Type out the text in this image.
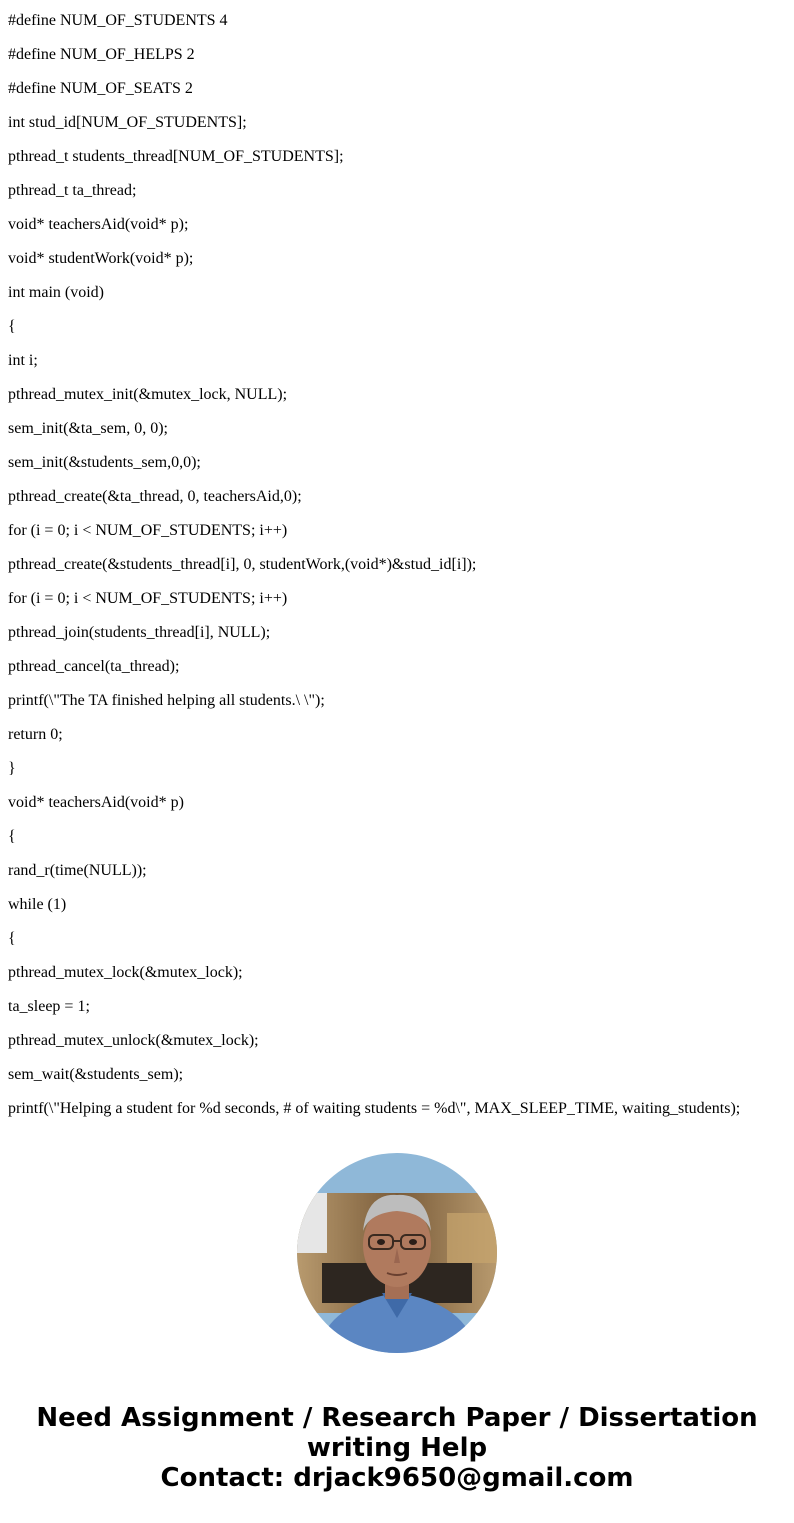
#define NUM_OF_STUDENTS 4
#define NUM_OF_HELPS 2
#define NUM_OF_SEATS 2
int stud_id[NUM_OF_STUDENTS];
pthread_t students_thread[NUM_OF_STUDENTS];
pthread_t ta_thread;
void* teachersAid(void* p);
void* studentWork(void* p);
int main (void)
{
int i;
pthread_mutex_init(&mutex_lock, NULL);
sem_init(&ta_sem, 0, 0);
sem_init(&students_sem,0,0);
pthread_create(&ta_thread, 0, teachersAid,0);
for (i = 0; i < NUM_OF_STUDENTS; i++)
pthread_create(&students_thread[i], 0, studentWork,(void*)&stud_id[i]);
for (i = 0; i < NUM_OF_STUDENTS; i++)
pthread_join(students_thread[i], NULL);
pthread_cancel(ta_thread);
printf(\"The TA finished helping all students.\ \");
return 0;
}
void* teachersAid(void* p)
{
rand_r(time(NULL));
while (1)
{
pthread_mutex_lock(&mutex_lock);
ta_sleep = 1;
pthread_mutex_unlock(&mutex_lock);
sem_wait(&students_sem);
printf(\"Helping a student for %d seconds, # of waiting students = %d\", MAX_SLEEP_TIME, waiting_students);
Need Assignment / Research Paper / Dissertation
writing Help
Contact: drjack9650@gmail.com
